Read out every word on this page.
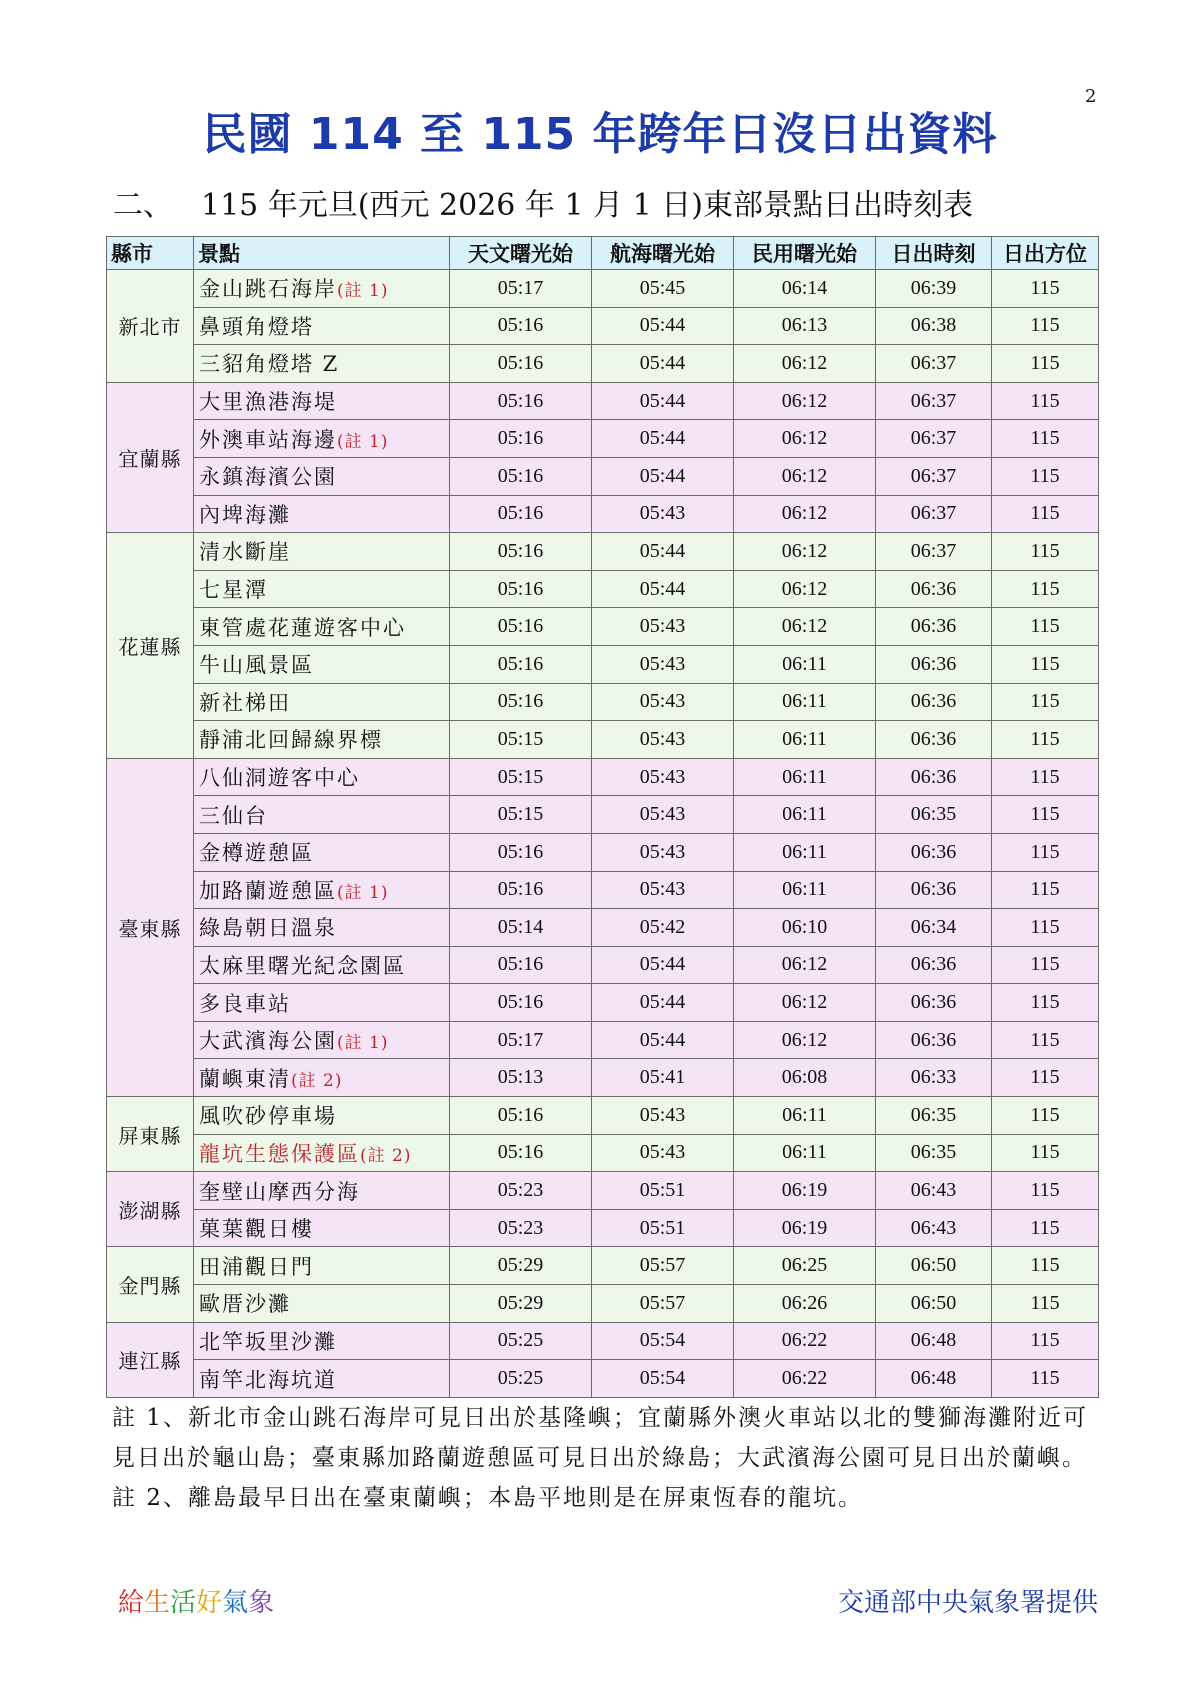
2
民國 114 至 115 年跨年日沒日出資料
二、 115 年元旦(西元 2026 年 1 月 1 日)東部景點日出時刻表
縣市	景點	天文曙光始	航海曙光始	民用曙光始	日出時刻	日出方位
新北市	金山跳石海岸(註 1)	05:17	05:45	06:14	06:39	115
	鼻頭角燈塔	05:16	05:44	06:13	06:38	115
	三貂角燈塔 Z	05:16	05:44	06:12	06:37	115
宜蘭縣	大里漁港海堤	05:16	05:44	06:12	06:37	115
	外澳車站海邊(註 1)	05:16	05:44	06:12	06:37	115
	永鎮海濱公園	05:16	05:44	06:12	06:37	115
	內埤海灘	05:16	05:43	06:12	06:37	115
花蓮縣	清水斷崖	05:16	05:44	06:12	06:37	115
	七星潭	05:16	05:44	06:12	06:36	115
	東管處花蓮遊客中心	05:16	05:43	06:12	06:36	115
	牛山風景區	05:16	05:43	06:11	06:36	115
	新社梯田	05:16	05:43	06:11	06:36	115
	靜浦北回歸線界標	05:15	05:43	06:11	06:36	115
臺東縣	八仙洞遊客中心	05:15	05:43	06:11	06:36	115
	三仙台	05:15	05:43	06:11	06:35	115
	金樽遊憩區	05:16	05:43	06:11	06:36	115
	加路蘭遊憩區(註 1)	05:16	05:43	06:11	06:36	115
	綠島朝日溫泉	05:14	05:42	06:10	06:34	115
	太麻里曙光紀念園區	05:16	05:44	06:12	06:36	115
	多良車站	05:16	05:44	06:12	06:36	115
	大武濱海公園(註 1)	05:17	05:44	06:12	06:36	115
	蘭嶼東清(註 2)	05:13	05:41	06:08	06:33	115
屏東縣	風吹砂停車場	05:16	05:43	06:11	06:35	115
	龍坑生態保護區(註 2)	05:16	05:43	06:11	06:35	115
澎湖縣	奎壁山摩西分海	05:23	05:51	06:19	06:43	115
	菓葉觀日樓	05:23	05:51	06:19	06:43	115
金門縣	田浦觀日門	05:29	05:57	06:25	06:50	115
	歐厝沙灘	05:29	05:57	06:26	06:50	115
連江縣	北竿坂里沙灘	05:25	05:54	06:22	06:48	115
	南竿北海坑道	05:25	05:54	06:22	06:48	115

註 1、新北市金山跳石海岸可見日出於基隆嶼；宜蘭縣外澳火車站以北的雙獅海灘附近可見日出於龜山島；臺東縣加路蘭遊憩區可見日出於綠島；大武濱海公園可見日出於蘭嶼。

註 2、離島最早日出在臺東蘭嶼；本島平地則是在屏東恆春的龍坑。

給生活好氣象	交通部中央氣象署提供
